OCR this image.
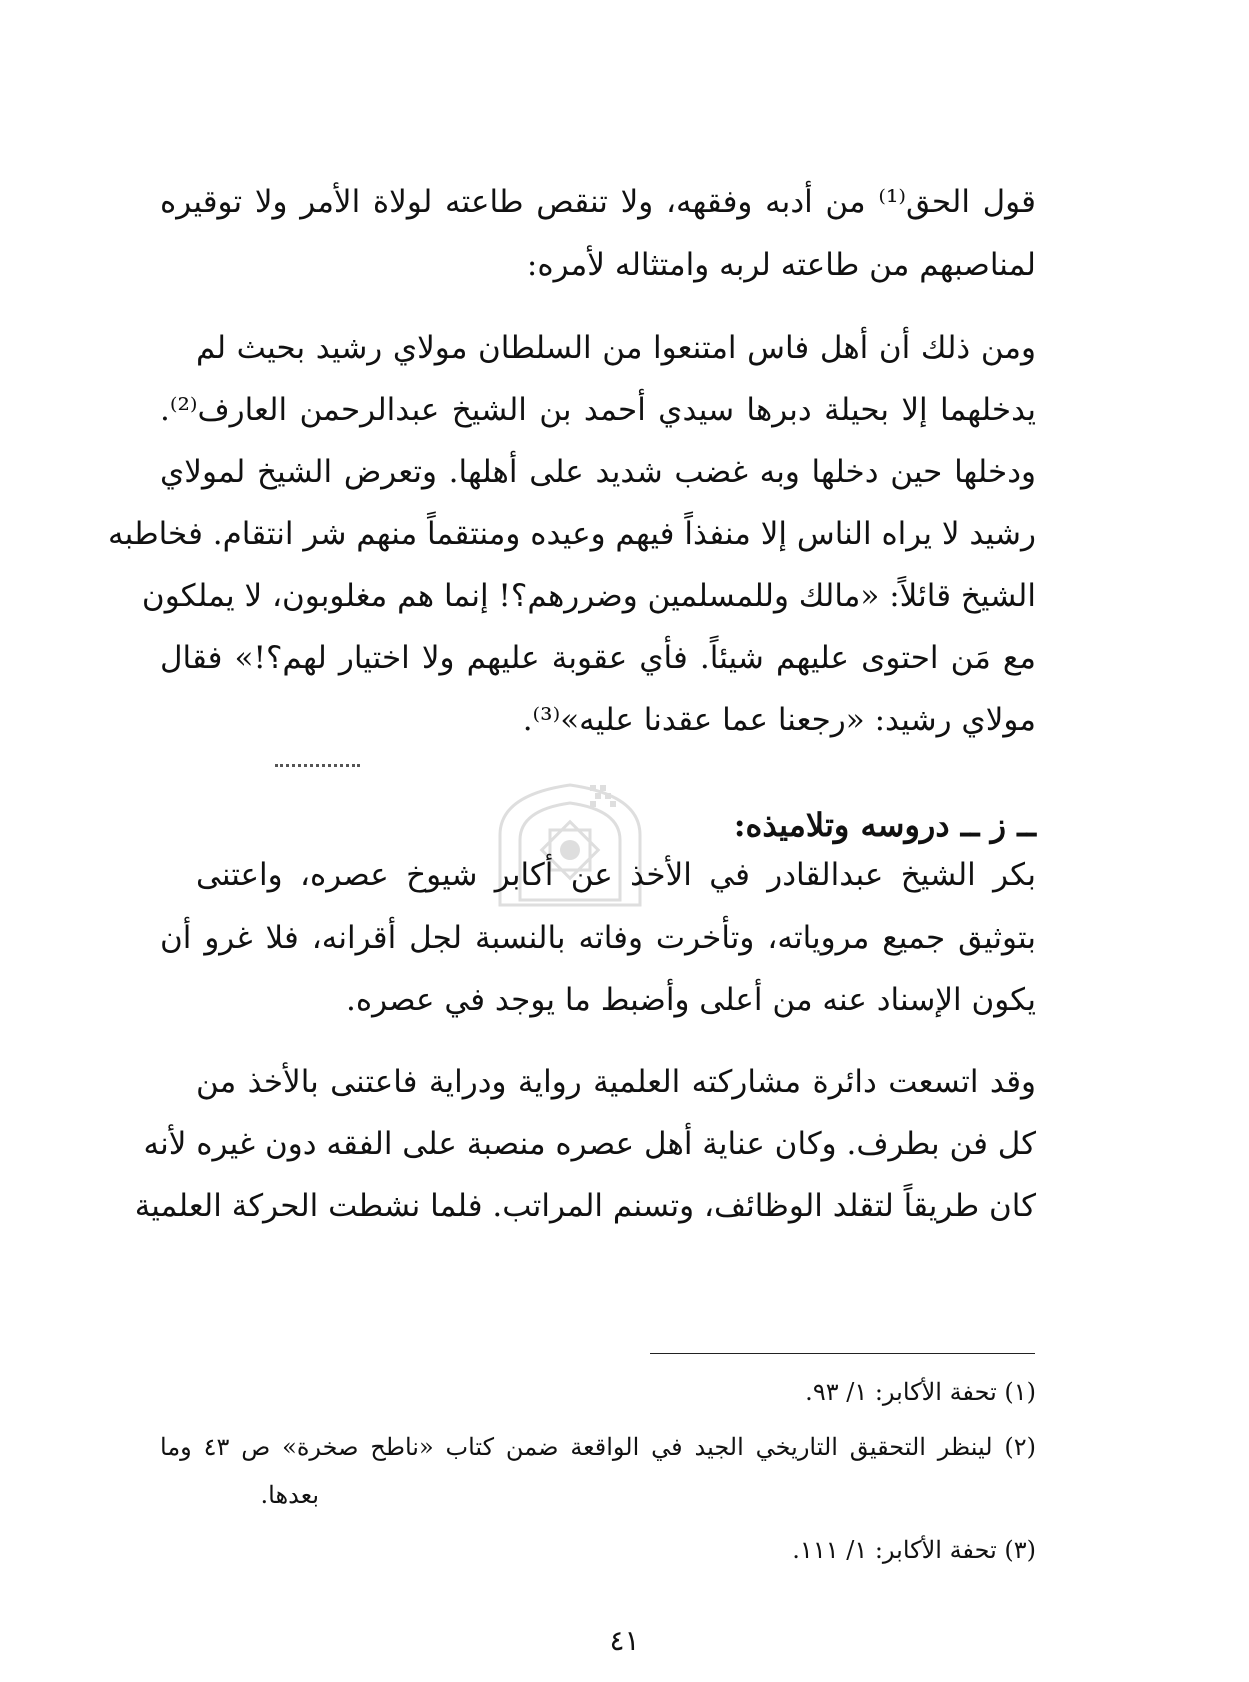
قول الحق⁽¹⁾ من أدبه وفقهه، ولا تنقص طاعته لولاة الأمر ولا توقيره
لمناصبهم من طاعته لربه وامتثاله لأمره:
ومن ذلك أن أهل فاس امتنعوا من السلطان مولاي رشيد بحيث لم
يدخلهما إلا بحيلة دبرها سيدي أحمد بن الشيخ عبدالرحمن العارف⁽²⁾.
ودخلها حين دخلها وبه غضب شديد على أهلها. وتعرض الشيخ لمولاي
رشيد لا يراه الناس إلا منفذاً فيهم وعيده ومنتقماً منهم شر انتقام. فخاطبه
الشيخ قائلاً: «مالك وللمسلمين وضررهم؟! إنما هم مغلوبون، لا يملكون
مع مَن احتوى عليهم شيئاً. فأي عقوبة عليهم ولا اختيار لهم؟!» فقال
مولاي رشيد: «رجعنا عما عقدنا عليه»⁽³⁾.
ــ ز ــ دروسه وتلاميذه:
بكر الشيخ عبدالقادر في الأخذ عن أكابر شيوخ عصره، واعتنى
بتوثيق جميع مروياته، وتأخرت وفاته بالنسبة لجل أقرانه، فلا غرو أن
يكون الإسناد عنه من أعلى وأضبط ما يوجد في عصره.
وقد اتسعت دائرة مشاركته العلمية رواية ودراية فاعتنى بالأخذ من
كل فن بطرف. وكان عناية أهل عصره منصبة على الفقه دون غيره لأنه
كان طريقاً لتقلد الوظائف، وتسنم المراتب. فلما نشطت الحركة العلمية
(١) تحفة الأكابر: ١/ ٩٣.
(٢) لينظر التحقيق التاريخي الجيد في الواقعة ضمن كتاب «ناطح صخرة» ص ٤٣ وما
بعدها.
(٣) تحفة الأكابر: ١/ ١١١.
٤١
